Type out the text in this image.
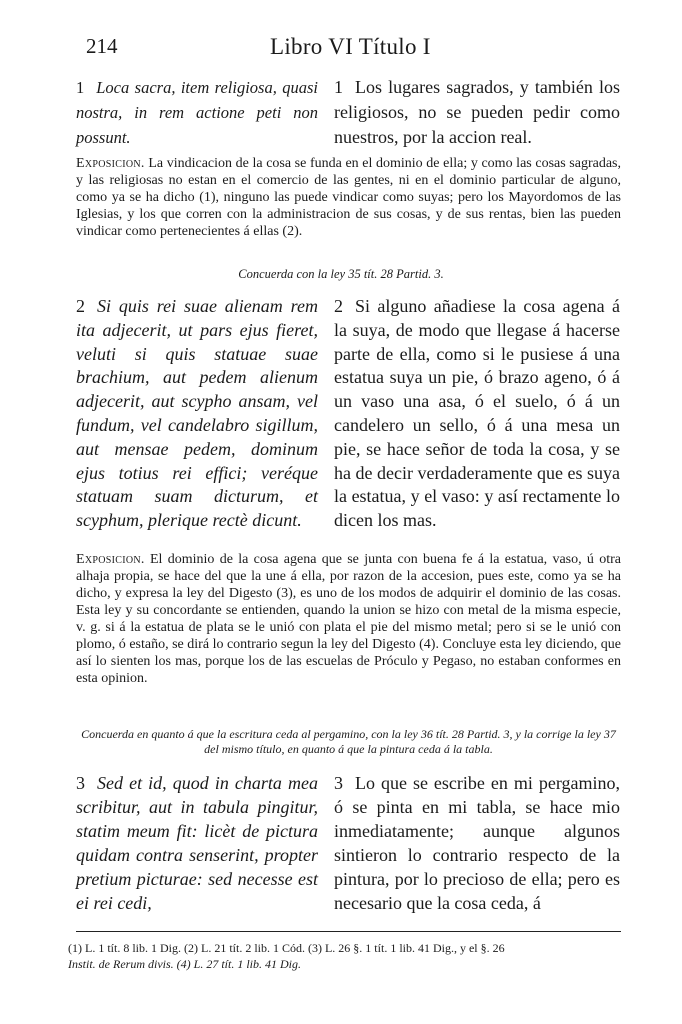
214	Libro VI Título I
1 Loca sacra, item religiosa, quasi nostra, in rem actione peti non possunt.
1 Los lugares sagrados, y también los religiosos, no se pueden pedir como nuestros, por la accion real.
Exposicion. La vindicacion de la cosa se funda en el dominio de ella; y como las cosas sagradas, y las religiosas no estan en el comercio de las gentes, ni en el dominio particular de alguno, como ya se ha dicho (1), ninguno las puede vindicar como suyas; pero los Mayordomos de las Iglesias, y los que corren con la administracion de sus cosas, y de sus rentas, bien las pueden vindicar como pertenecientes á ellas (2).
Concuerda con la ley 35 tít. 28 Partid. 3.
2 Si quis rei suae alienam rem ita adjecerit, ut pars ejus fieret, veluti si quis statuae suae brachium, aut pedem alienum adjecerit, aut scypho ansam, vel fundum, vel candelabro sigillum, aut mensae pedem, dominum ejus totius rei effici; veréque statuam suam dicturum, et scyphum, plerique rectè dicunt.
2 Si alguno añadiese la cosa agena á la suya, de modo que llegase á hacerse parte de ella, como si le pusiese á una estatua suya un pie, ó brazo ageno, ó á un vaso una asa, ó el suelo, ó á un candelero un sello, ó á una mesa un pie, se hace señor de toda la cosa, y se ha de decir verdaderamente que es suya la estatua, y el vaso: y así rectamente lo dicen los mas.
Exposicion. El dominio de la cosa agena que se junta con buena fe á la estatua, vaso, ú otra alhaja propia, se hace del que la une á ella, por razon de la accesion, pues este, como ya se ha dicho, y expresa la ley del Digesto (3), es uno de los modos de adquirir el dominio de las cosas. Esta ley y su concordante se entienden, quando la union se hizo con metal de la misma especie, v. g. si á la estatua de plata se le unió con plata el pie del mismo metal; pero si se le unió con plomo, ó estaño, se dirá lo contrario segun la ley del Digesto (4). Concluye esta ley diciendo, que así lo sienten los mas, porque los de las escuelas de Próculo y Pegaso, no estaban conformes en esta opinion.
Concuerda en quanto á que la escritura ceda al pergamino, con la ley 36 tít. 28 Partid. 3, y la corrige la ley 37 del mismo título, en quanto á que la pintura ceda á la tabla.
3 Sed et id, quod in charta mea scribitur, aut in tabula pingitur, statim meum fit: licèt de pictura quidam contra senserint, propter pretium picturae: sed necesse est ei rei cedi,
3 Lo que se escribe en mi pergamino, ó se pinta en mi tabla, se hace mio inmediatamente; aunque algunos sintieron lo contrario respecto de la pintura, por lo precioso de ella; pero es necesario que la cosa ceda, á
(1) L. 1 tít. 8 lib. 1 Dig. (2) L. 21 tít. 2 lib. 1 Cód. (3) L. 26 §. 1 tít. 1 lib. 41 Dig., y el §. 26
Instit. de Rerum divis. (4) L. 27 tít. 1 lib. 41 Dig.
